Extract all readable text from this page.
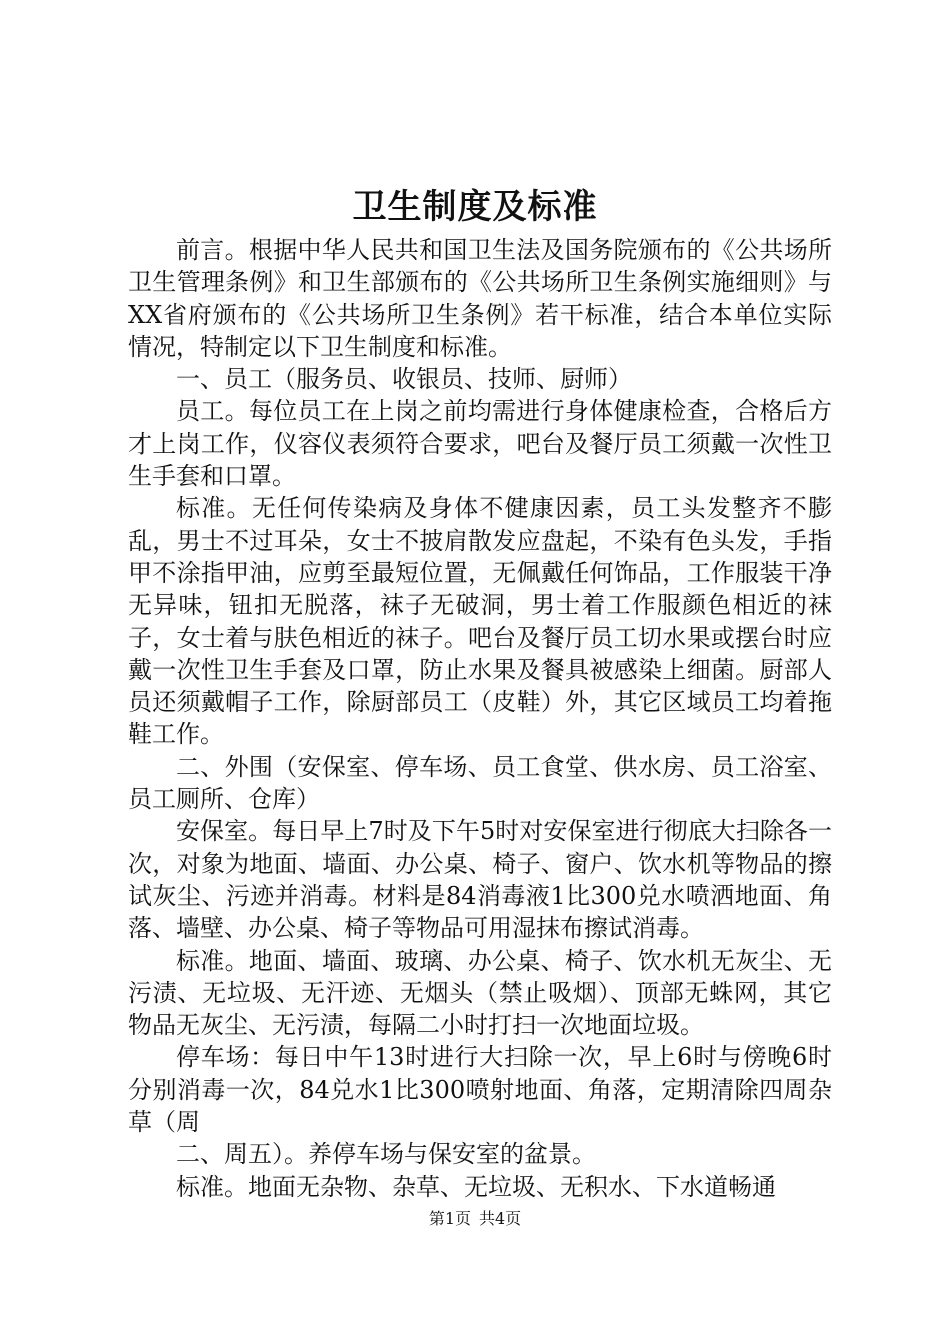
卫生制度及标准

前言。根据中华人民共和国卫生法及国务院颁布的《公共场所卫生管理条例》和卫生部颁布的《公共场所卫生条例实施细则》与XX省府颁布的《公共场所卫生条例》若干标准，结合本单位实际情况，特制定以下卫生制度和标准。

一、员工（服务员、收银员、技师、厨师）

员工。每位员工在上岗之前均需进行身体健康检查，合格后方才上岗工作，仪容仪表须符合要求，吧台及餐厅员工须戴一次性卫生手套和口罩。

标准。无任何传染病及身体不健康因素，员工头发整齐不膨乱，男士不过耳朵，女士不披肩散发应盘起，不染有色头发，手指甲不涂指甲油，应剪至最短位置，无佩戴任何饰品，工作服装干净无异味，钮扣无脱落，袜子无破洞，男士着工作服颜色相近的袜子，女士着与肤色相近的袜子。吧台及餐厅员工切水果或摆台时应戴一次性卫生手套及口罩，防止水果及餐具被感染上细菌。厨部人员还须戴帽子工作，除厨部员工（皮鞋）外，其它区域员工均着拖鞋工作。

二、外围（安保室、停车场、员工食堂、供水房、员工浴室、员工厕所、仓库）

安保室。每日早上7时及下午5时对安保室进行彻底大扫除各一次，对象为地面、墙面、办公桌、椅子、窗户、饮水机等物品的擦试灰尘、污迹并消毒。材料是84消毒液1比300兑水喷洒地面、角落、墙壁、办公桌、椅子等物品可用湿抹布擦试消毒。

标准。地面、墙面、玻璃、办公桌、椅子、饮水机无灰尘、无污渍、无垃圾、无汗迹、无烟头（禁止吸烟）、顶部无蛛网，其它物品无灰尘、无污渍，每隔二小时打扫一次地面垃圾。

停车场：每日中午13时进行大扫除一次，早上6时与傍晚6时分别消毒一次，84兑水1比300喷射地面、角落，定期清除四周杂草（周

二、周五）。养停车场与保安室的盆景。

标准。地面无杂物、杂草、无垃圾、无积水、下水道畅通

第1页 共4页
